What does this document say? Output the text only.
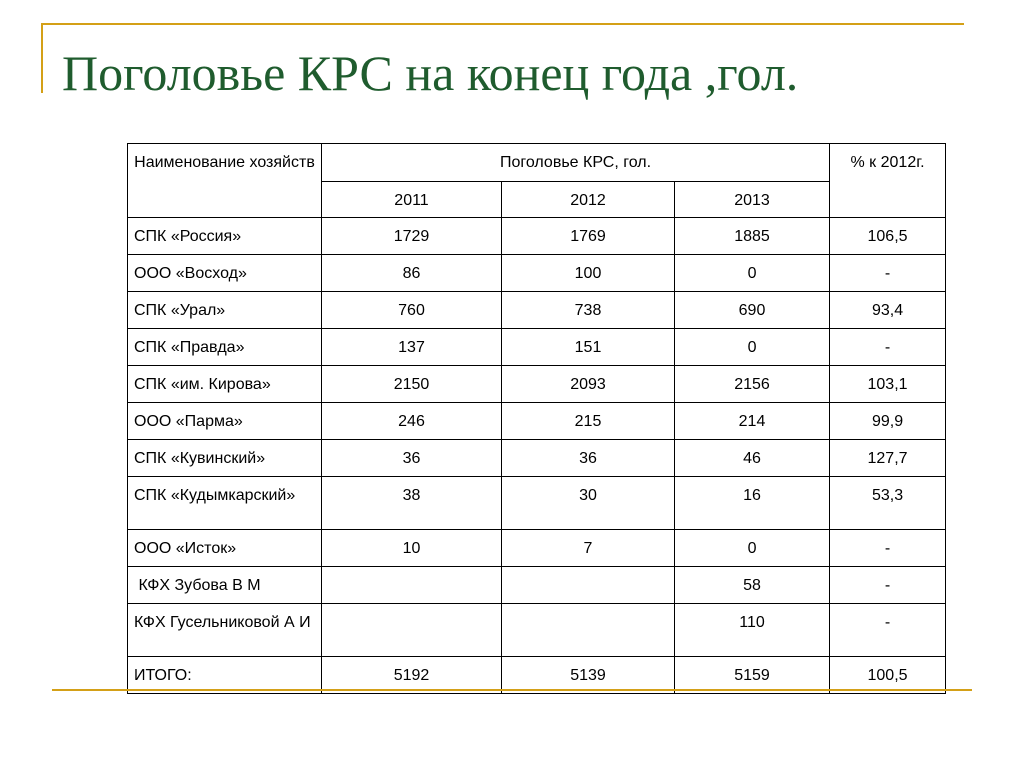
Поголовье КРС на конец года ,гол.
Наименование хозяйств	Поголовье КРС, гол.			% к 2012г.
	2011	2012	2013	
СПК «Россия»	1729	1769	1885	106,5
ООО «Восход»	86	100	0	-
СПК «Урал»	760	738	690	93,4
СПК «Правда»	137	151	0	-
СПК «им. Кирова»	2150	2093	2156	103,1
ООО «Парма»	246	215	214	99,9
СПК «Кувинский»	36	36	46	127,7
СПК «Кудымкарский»	38	30	16	53,3
ООО «Исток»	10	7	0	-
КФХ Зубова В М			58	-
КФХ Гусельниковой А И			110	-
ИТОГО:	5192	5139	5159	100,5
